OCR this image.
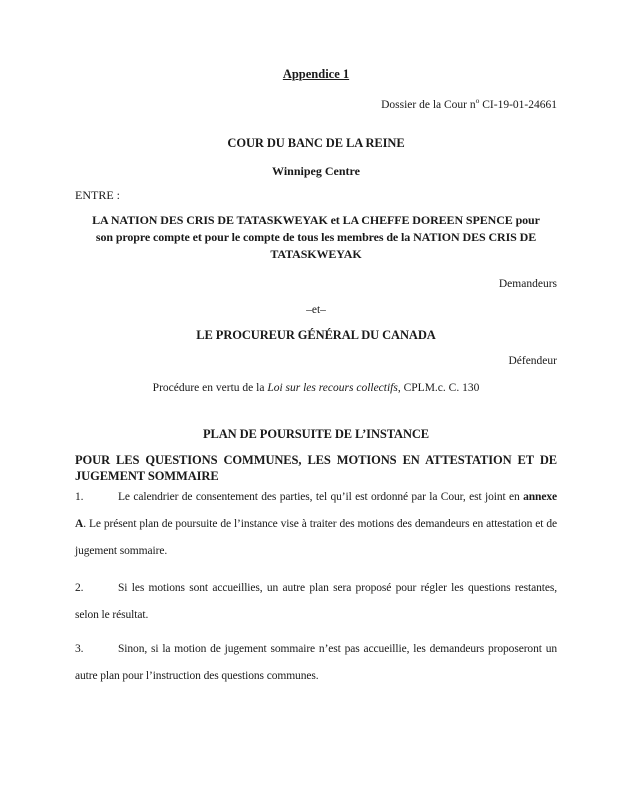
Appendice 1
Dossier de la Cour $n^o$ CI-19-01-24661
COUR DU BANC DE LA REINE
Winnipeg Centre
ENTRE :
LA NATION DES CRIS DE TATASKWEYAK et LA CHEFFE DOREEN SPENCE pour
son propre compte et pour le compte de tous les membres de la NATION DES CRIS DE
TATASKWEYAK
Demandeurs
–et–
LE PROCUREUR GÉNÉRAL DU CANADA
Défendeur
Procédure en vertu de la Loi sur les recours collectifs, CPLM.c. C. 130
PLAN DE POURSUITE DE L’INSTANCE
POUR LES QUESTIONS COMMUNES, LES MOTIONS EN ATTESTATION ET DE
JUGEMENT SOMMAIRE
1.	Le calendrier de consentement des parties, tel qu’il est ordonné par la Cour, est joint en annexe A. Le présent plan de poursuite de l’instance vise à traiter des motions des demandeurs en attestation et de jugement sommaire.
2.	Si les motions sont accueillies, un autre plan sera proposé pour régler les questions restantes, selon le résultat.
3.	Sinon, si la motion de jugement sommaire n’est pas accueillie, les demandeurs proposeront un autre plan pour l’instruction des questions communes.
